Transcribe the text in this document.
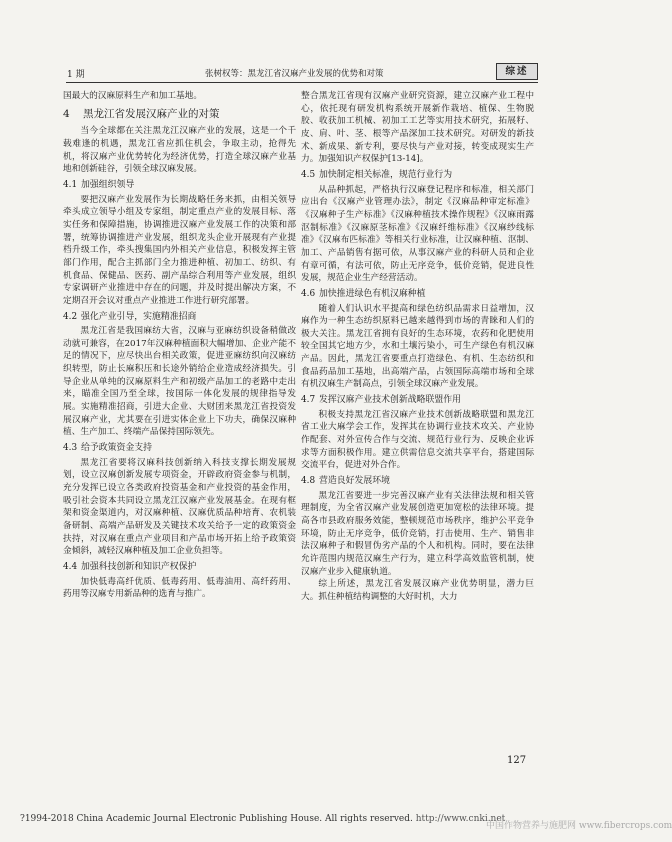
1 期	张树权等：黑龙江省汉麻产业发展的优势和对策	综述

国最大的汉麻原料生产和加工基地。

4 黑龙江省发展汉麻产业的对策

当今全球都在关注黑龙江汉麻产业的发展，这是一个千载难逢的机遇，黑龙江省应抓住机会，争取主动，抢得先机，将汉麻产业优势转化为经济优势，打造全球汉麻产业基地和创新硅谷，引领全球汉麻发展。

4.1 加强组织领导

要把汉麻产业发展作为长期战略任务来抓，由相关领导牵头成立领导小组及专家组，制定重点产业的发展目标、落实任务和保障措施，协调推进汉麻产业发展工作的决策和部署，统筹协调推进产业发展，组织龙头企业开展现有产业提档升级工作，牵头搜集国内外相关产业信息，积极发挥主管部门作用，配合主抓部门全力推进种植、初加工、纺织、有机食品、保健品、医药、副产品综合利用等产业发展，组织专家调研产业推进中存在的问题，并及时提出解决方案，不定期召开会议对重点产业推进工作进行研究部署。

4.2 强化产业引导，实施精准招商

黑龙江省是我国麻纺大省，汉麻与亚麻纺织设备稍做改动就可兼容，在2017年汉麻种植面积大幅增加、企业产能不足的情况下，应尽快出台相关政策，促进亚麻纺织向汉麻纺织转型，防止长麻积压和长途外销给企业造成经济损失。引导企业从单纯的汉麻原料生产和初级产品加工的老路中走出来，瞄准全国乃至全球，按国际一体化发展的规律指导发展。实施精准招商，引进大企业、大财团来黑龙江省投资发展汉麻产业，尤其要在引进实体企业上下功夫，确保汉麻种植、生产加工、终端产品保持国际领先。

4.3 给予政策资金支持

黑龙江省要将汉麻科技创新纳入科技支撑长期发展规划，设立汉麻创新发展专项资金，开辟政府资金参与机制，充分发挥已设立各类政府投资基金和产业投资的基金作用，吸引社会资本共同设立黑龙江汉麻产业发展基金。在现有框架和资金渠道内，对汉麻种植、汉麻优质品种培育、农机装备研制、高端产品研发及关键技术攻关给予一定的政策资金扶持，对汉麻在重点产业项目和产品市场开拓上给予政策资金倾斜，减轻汉麻种植及加工企业负担等。

4.4 加强科技创新和知识产权保护

加快低毒高纤优质、低毒药用、低毒油用、高纤药用、药用等汉麻专用新品种的选育与推广。

整合黑龙江省现有汉麻产业研究资源，建立汉麻产业工程中心，依托现有研发机构系统开展新作栽培、植保、生物脱胶、收获加工机械、初加工工艺等实用技术研究，拓展籽、皮、肩、叶、茎、根等产品深加工技术研究。对研发的新技术、新成果、新专利，要尽快与产业对接，转变成现实生产力。加强知识产权保护[13-14]。

4.5 加快制定相关标准，规范行业行为

从品种抓起，严格执行汉麻登记程序和标准，相关部门应出台《汉麻产业管理办法》，制定《汉麻品种审定标准》《汉麻种子生产标准》《汉麻种植技术操作规程》《汉麻雨露沤制标准》《汉麻原茎标准》《汉麻纤维标准》《汉麻纱线标准》《汉麻布匹标准》等相关行业标准，让汉麻种植、沤制、加工、产品销售有据可依，从事汉麻产业的科研人员和企业有章可循，有法可依，防止无序竞争，低价竞销，促进良性发展，规范企业生产经营活动。

4.6 加快推进绿色有机汉麻种植

随着人们认识水平提高和绿色纺织品需求日益增加，汉麻作为一种生态纺织原料已越来越得到市场的青睐和人们的极大关注。黑龙江省拥有良好的生态环境，农药和化肥使用较全国其它地方少，水和土壤污染小，可生产绿色有机汉麻产品。因此，黑龙江省要重点打造绿色、有机、生态纺织和食品药品加工基地，出高端产品，占领国际高端市场和全球有机汉麻生产制高点，引领全球汉麻产业发展。

4.7 发挥汉麻产业技术创新战略联盟作用

积极支持黑龙江省汉麻产业技术创新战略联盟和黑龙江省工业大麻学会工作，发挥其在协调行业技术攻关、产业协作配套、对外宣传合作与交流、规范行业行为、反映企业诉求等方面积极作用。建立供需信息交流共享平台，搭建国际交流平台，促进对外合作。

4.8 营造良好发展环境

黑龙江省要进一步完善汉麻产业有关法律法规和相关管理制度，为全省汉麻产业发展创造更加宽松的法律环境。提高各市县政府服务效能，整顿规范市场秩序，维护公平竞争环境，防止无序竞争，低价竞销，打击使用、生产、销售非法汉麻种子和假冒伪劣产品的个人和机构。同时，要在法律允许范围内规范汉麻生产行为，建立科学高效监管机制，使汉麻产业步入健康轨道。

综上所述，黑龙江省发展汉麻产业优势明显，潜力巨大。抓住种植结构调整的大好时机，大力

127
?1994-2018 China Academic Journal Electronic Publishing House. All rights reserved. http://www.cnki.net
中国作物营养与施肥网 www.fibercrops.com
